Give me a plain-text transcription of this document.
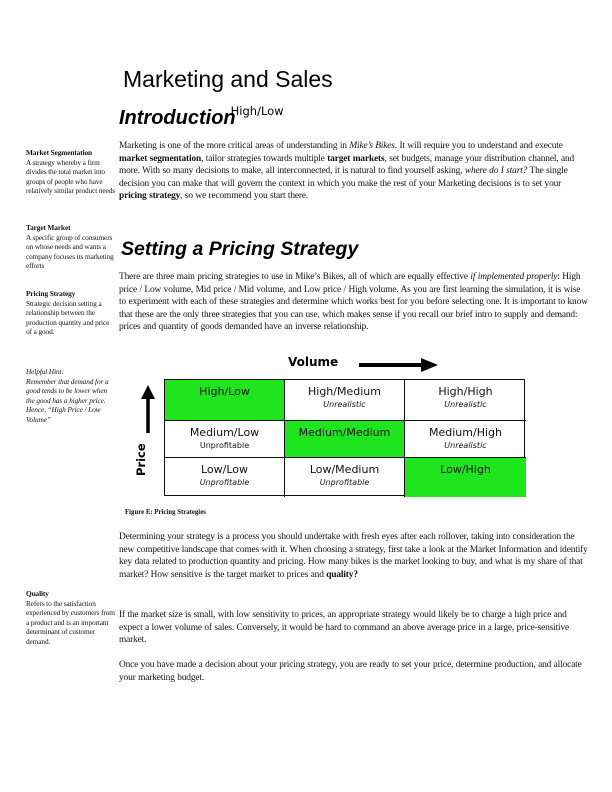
Marketing and Sales
Introduction$^{High/Low}$
Market Segmentation
A strategy whereby a firm divides the total market into groups of people who have relatively similar product needs
Target Market
A specific group of consumers on whose needs and wants a company focuses its marketing efforts
Pricing Strategy
Strategic decision setting a relationship between the production quantity and price of a good.
Helpful Hint:
Remember that demand for a good tends to be lower when the good has a higher price. Hence, “High Price / Low Volume”
Quality
Refers to the satisfaction experienced by customers from a product and is an important determinant of customer demand.
Marketing is one of the more critical areas of understanding in Mike’s Bikes. It will require you to understand and execute market segmentation, tailor strategies towards multiple target markets, set budgets, manage your distribution channel, and more. With so many decisions to make, all interconnected, it is natural to find yourself asking, where do I start? The single decision you can make that will govern the context in which you make the rest of your Marketing decisions is to set your pricing strategy, so we recommend you start there.
Setting a Pricing Strategy
There are three main pricing strategies to use in Mike’s Bikes, all of which are equally effective if implemented properly: High price / Low volume, Mid price / Mid volume, and Low price / High volume. As you are first learning the simulation, it is wise to experiment with each of these strategies and determine which works best for you before selecting one. It is important to know that these are the only three strategies that you can use, which makes sense if you recall our brief intro to supply and demand: prices and quantity of goods demanded have an inverse relationship.
Volume
Price
High/Low	High/Medium
Unrealistic
High/High
Unrealistic
Medium/Low
Unprofitable
Medium/Medium	Medium/High
Unrealistic
Low/Low
Unprofitable
Low/Medium
Unprofitable
Low/High
Figure E: Pricing Strategies
Determining your strategy is a process you should undertake with fresh eyes after each rollover, taking into consideration the new competitive landscape that comes with it. When choosing a strategy, first take a look at the Market Information and identify key data related to production quantity and pricing. How many bikes is the market looking to buy, and what is my share of that market? How sensitive is the target market to prices and quality?
If the market size is small, with low sensitivity to prices, an appropriate strategy would likely be to charge a high price and expect a lower volume of sales. Conversely, it would be hard to command an above average price in a large, price-sensitive market.
Once you have made a decision about your pricing strategy, you are ready to set your price, determine production, and allocate your marketing budget.
